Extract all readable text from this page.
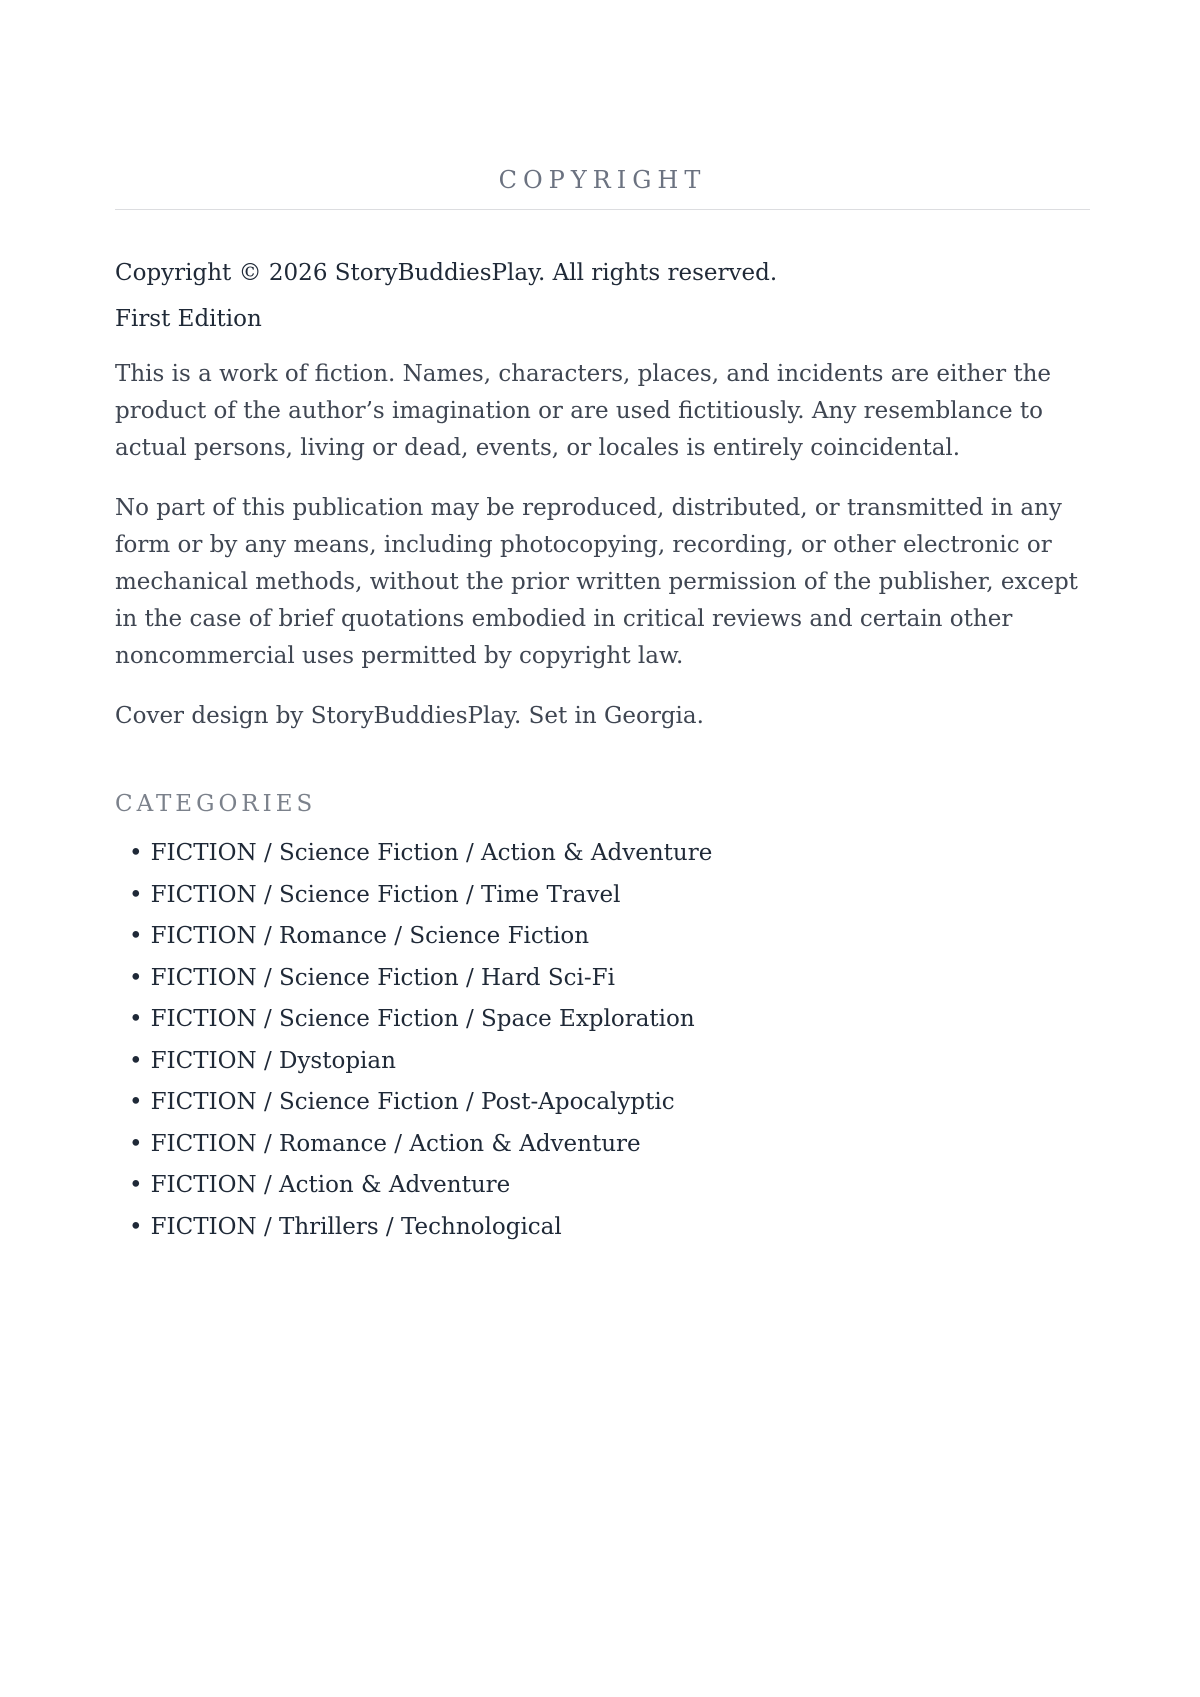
COPYRIGHT
Copyright © 2026 StoryBuddiesPlay. All rights reserved.
First Edition

This is a work of fiction. Names, characters, places, and incidents are either the product of the author’s imagination or are used fictitiously. Any resemblance to actual persons, living or dead, events, or locales is entirely coincidental.

No part of this publication may be reproduced, distributed, or transmitted in any form or by any means, including photocopying, recording, or other electronic or mechanical methods, without the prior written permission of the publisher, except in the case of brief quotations embodied in critical reviews and certain other noncommercial uses permitted by copyright law.

Cover design by StoryBuddiesPlay. Set in Georgia.

CATEGORIES
• FICTION / Science Fiction / Action & Adventure
• FICTION / Science Fiction / Time Travel
• FICTION / Romance / Science Fiction
• FICTION / Science Fiction / Hard Sci-Fi
• FICTION / Science Fiction / Space Exploration
• FICTION / Dystopian
• FICTION / Science Fiction / Post-Apocalyptic
• FICTION / Romance / Action & Adventure
• FICTION / Action & Adventure
• FICTION / Thrillers / Technological
